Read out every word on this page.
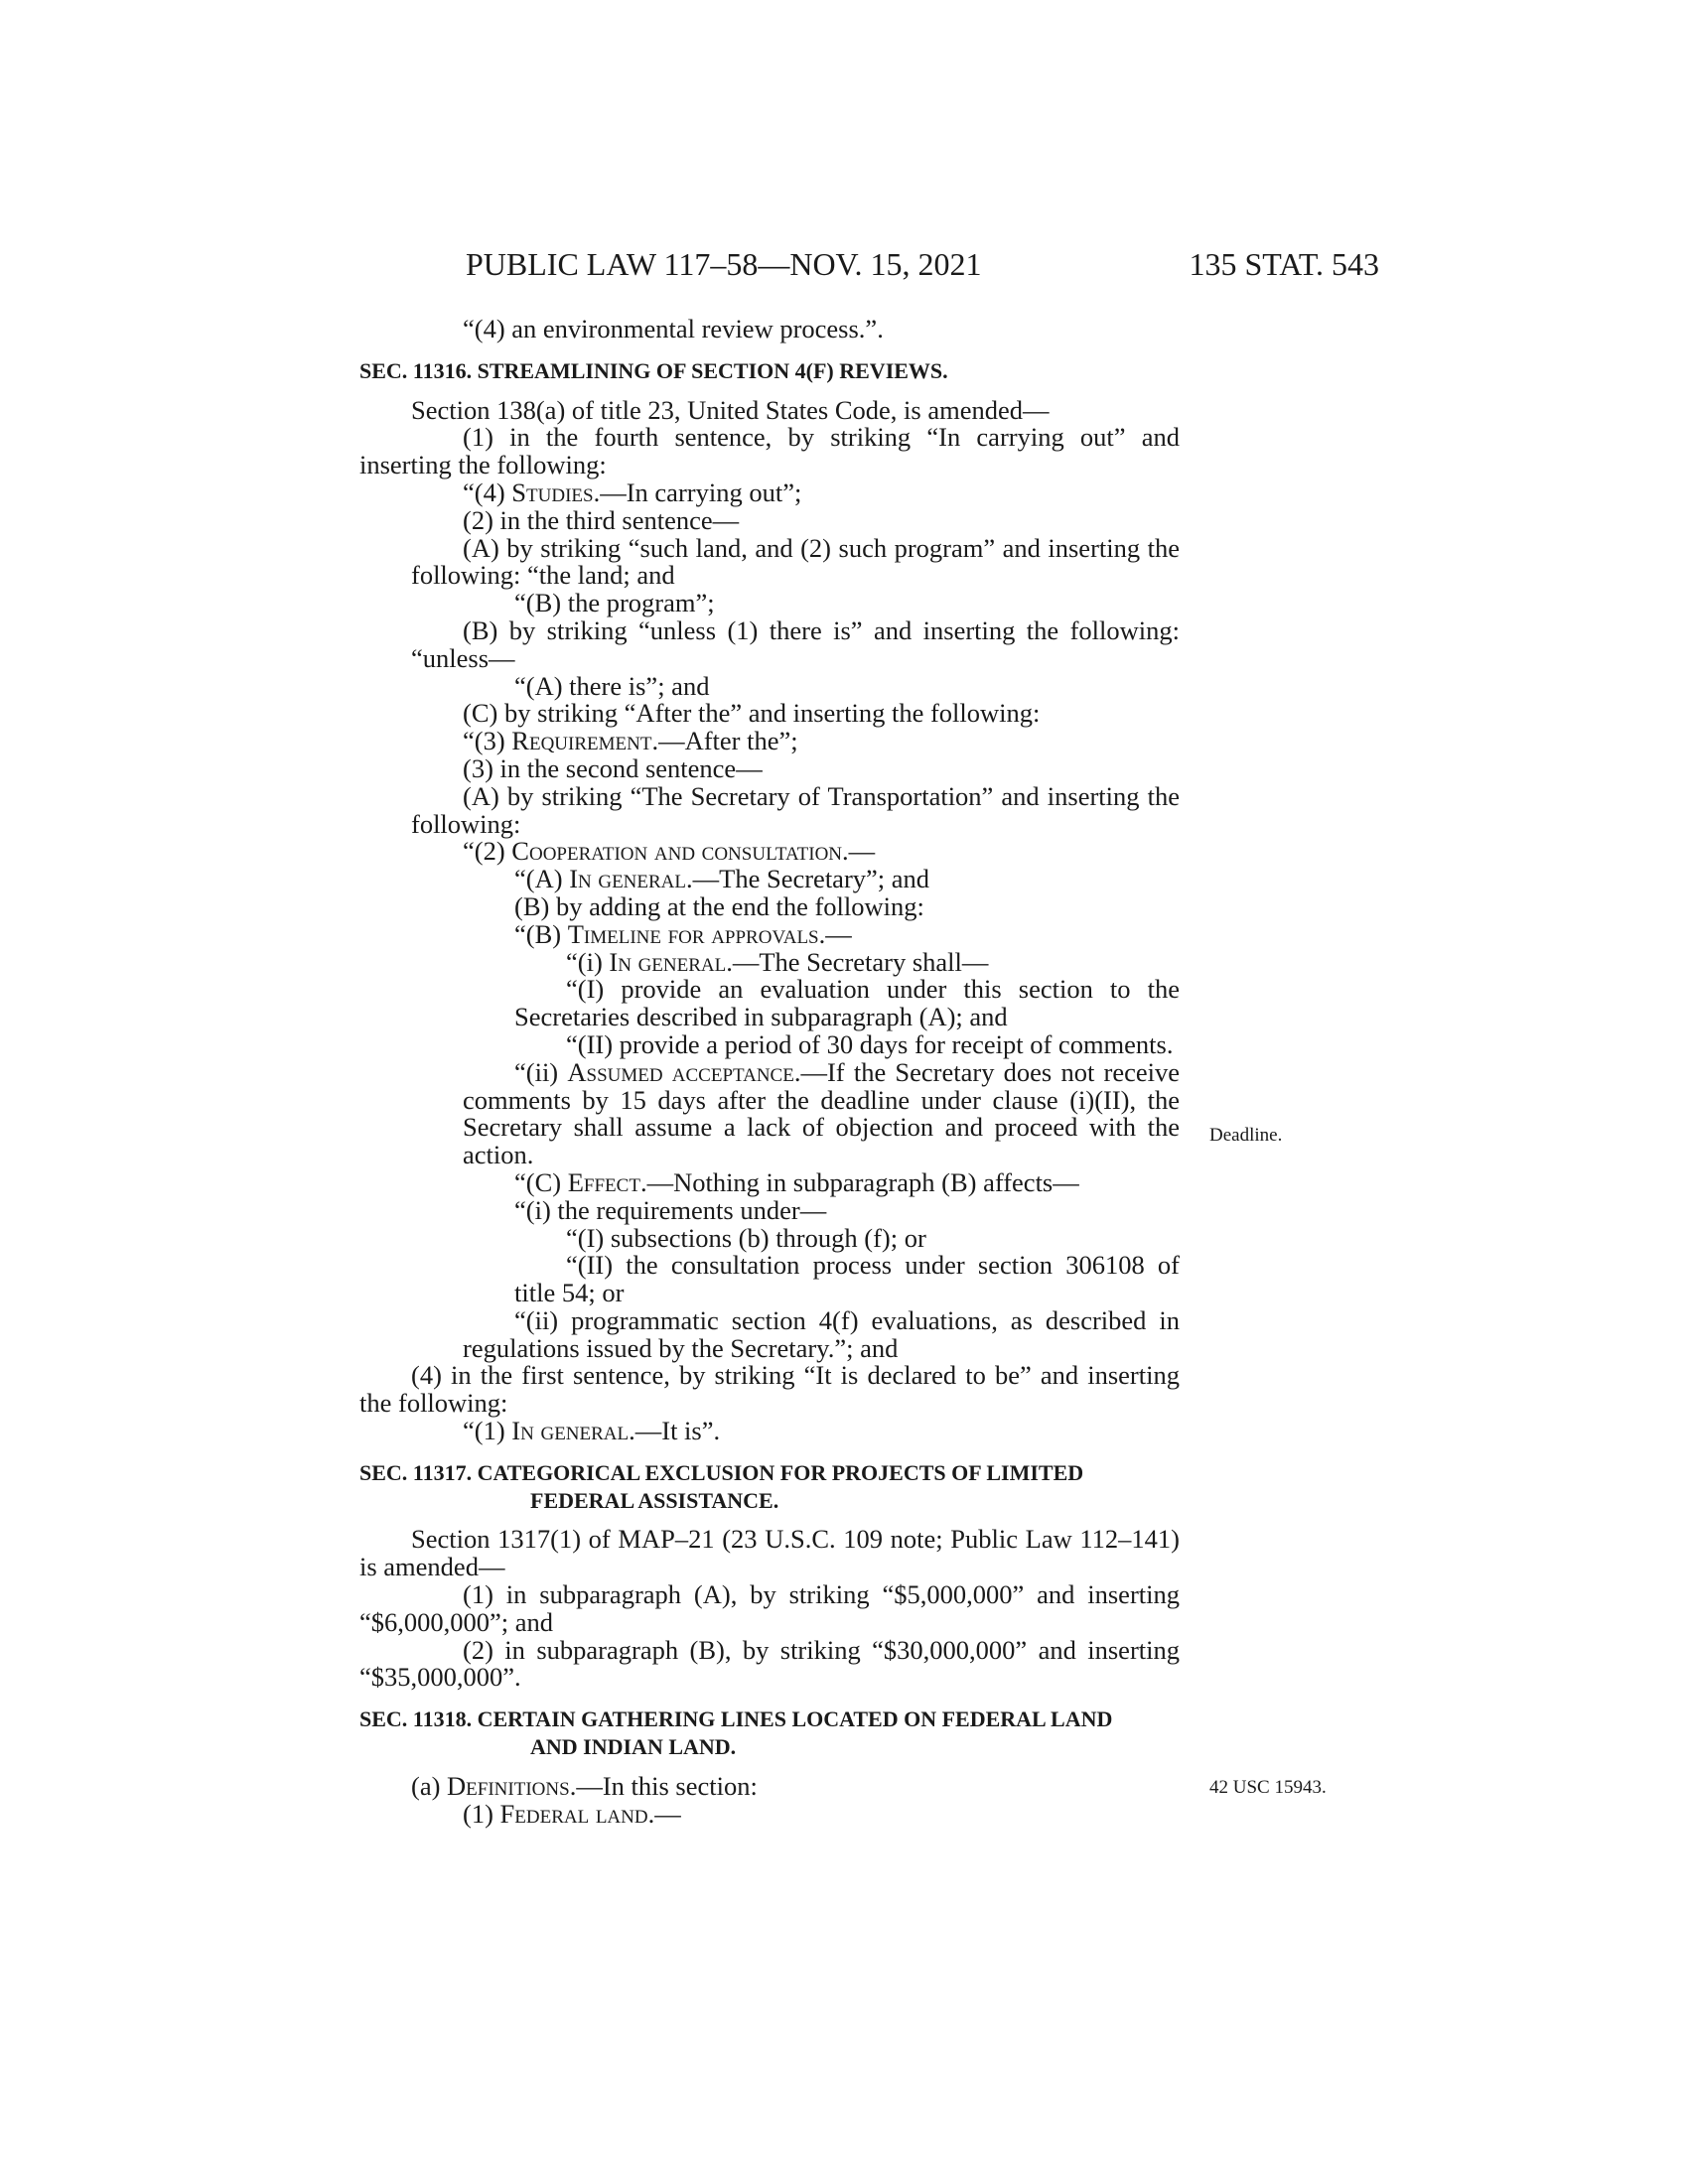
PUBLIC LAW 117–58—NOV. 15, 2021	135 STAT. 543
Deadline.
42 USC 15943.

“(4) an environmental review process.”.

SEC. 11316. STREAMLINING OF SECTION 4(F) REVIEWS.

Section 138(a) of title 23, United States Code, is amended—

(1) in the fourth sentence, by striking “In carrying out” and inserting the following:

“(4) Studies.—In carrying out”;

(2) in the third sentence—

(A) by striking “such land, and (2) such program” and inserting the following: “the land; and

“(B) the program”;

(B) by striking “unless (1) there is” and inserting the following: “unless—

“(A) there is”; and

(C) by striking “After the” and inserting the following:

“(3) Requirement.—After the”;

(3) in the second sentence—

(A) by striking “The Secretary of Transportation” and inserting the following:

“(2) Cooperation and consultation.—

“(A) In general.—The Secretary”; and

(B) by adding at the end the following:

“(B) Timeline for approvals.—

“(i) In general.—The Secretary shall—

“(I) provide an evaluation under this section to the Secretaries described in subparagraph (A); and

“(II) provide a period of 30 days for receipt of comments.

“(ii) Assumed acceptance.—If the Secretary does not receive comments by 15 days after the deadline under clause (i)(II), the Secretary shall assume a lack of objection and proceed with the action.

“(C) Effect.—Nothing in subparagraph (B) affects—

“(i) the requirements under—

“(I) subsections (b) through (f); or

“(II) the consultation process under section 306108 of title 54; or

“(ii) programmatic section 4(f) evaluations, as described in regulations issued by the Secretary.”; and

(4) in the first sentence, by striking “It is declared to be” and inserting the following:

“(1) In general.—It is”.

SEC. 11317. CATEGORICAL EXCLUSION FOR PROJECTS OF LIMITED
FEDERAL ASSISTANCE.

Section 1317(1) of MAP–21 (23 U.S.C. 109 note; Public Law 112–141) is amended—

(1) in subparagraph (A), by striking “$5,000,000” and inserting “$6,000,000”; and

(2) in subparagraph (B), by striking “$30,000,000” and inserting “$35,000,000”.

SEC. 11318. CERTAIN GATHERING LINES LOCATED ON FEDERAL LAND
AND INDIAN LAND.

(a) Definitions.—In this section:

(1) Federal land.—
